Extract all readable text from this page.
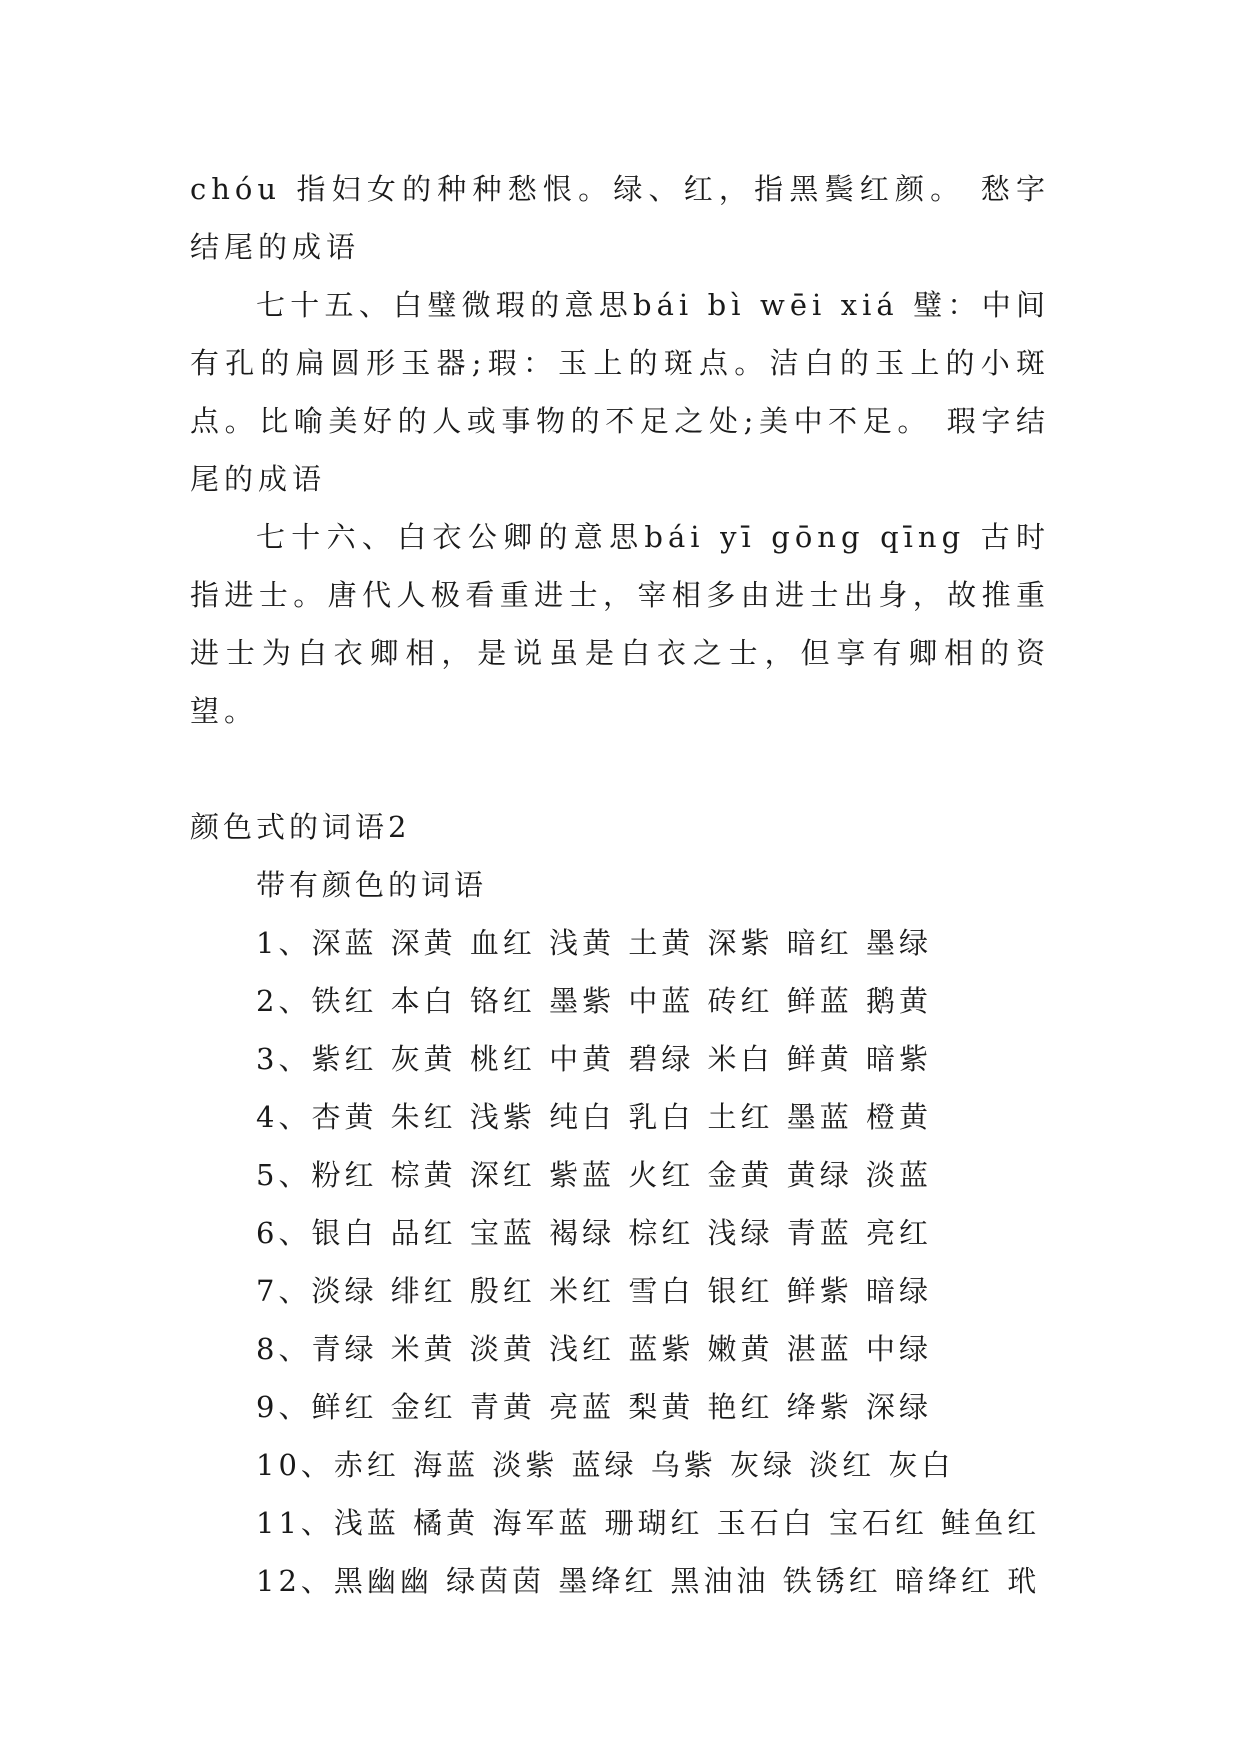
chóu 指妇女的种种愁恨。绿、红，指黑鬓红颜。 愁字结尾的成语

七十五、白璧微瑕的意思bái bì wēi xiá 璧：中间有孔的扁圆形玉器;瑕：玉上的斑点。洁白的玉上的小斑点。比喻美好的人或事物的不足之处;美中不足。 瑕字结尾的成语

七十六、白衣公卿的意思bái yī gōng qīng 古时指进士。唐代人极看重进士，宰相多由进士出身，故推重进士为白衣卿相，是说虽是白衣之士，但享有卿相的资望。

颜色式的词语2
带有颜色的词语
1、深蓝 深黄 血红 浅黄 土黄 深紫 暗红 墨绿
2、铁红 本白 铬红 墨紫 中蓝 砖红 鲜蓝 鹅黄
3、紫红 灰黄 桃红 中黄 碧绿 米白 鲜黄 暗紫
4、杏黄 朱红 浅紫 纯白 乳白 土红 墨蓝 橙黄
5、粉红 棕黄 深红 紫蓝 火红 金黄 黄绿 淡蓝
6、银白 品红 宝蓝 褐绿 棕红 浅绿 青蓝 亮红
7、淡绿 绯红 殷红 米红 雪白 银红 鲜紫 暗绿
8、青绿 米黄 淡黄 浅红 蓝紫 嫩黄 湛蓝 中绿
9、鲜红 金红 青黄 亮蓝 梨黄 艳红 绛紫 深绿
10、赤红 海蓝 淡紫 蓝绿 乌紫 灰绿 淡红 灰白
11、浅蓝 橘黄 海军蓝 珊瑚红 玉石白 宝石红 鲑鱼红
12、黑幽幽 绿茵茵 墨绛红 黑油油 铁锈红 暗绛红 玳
